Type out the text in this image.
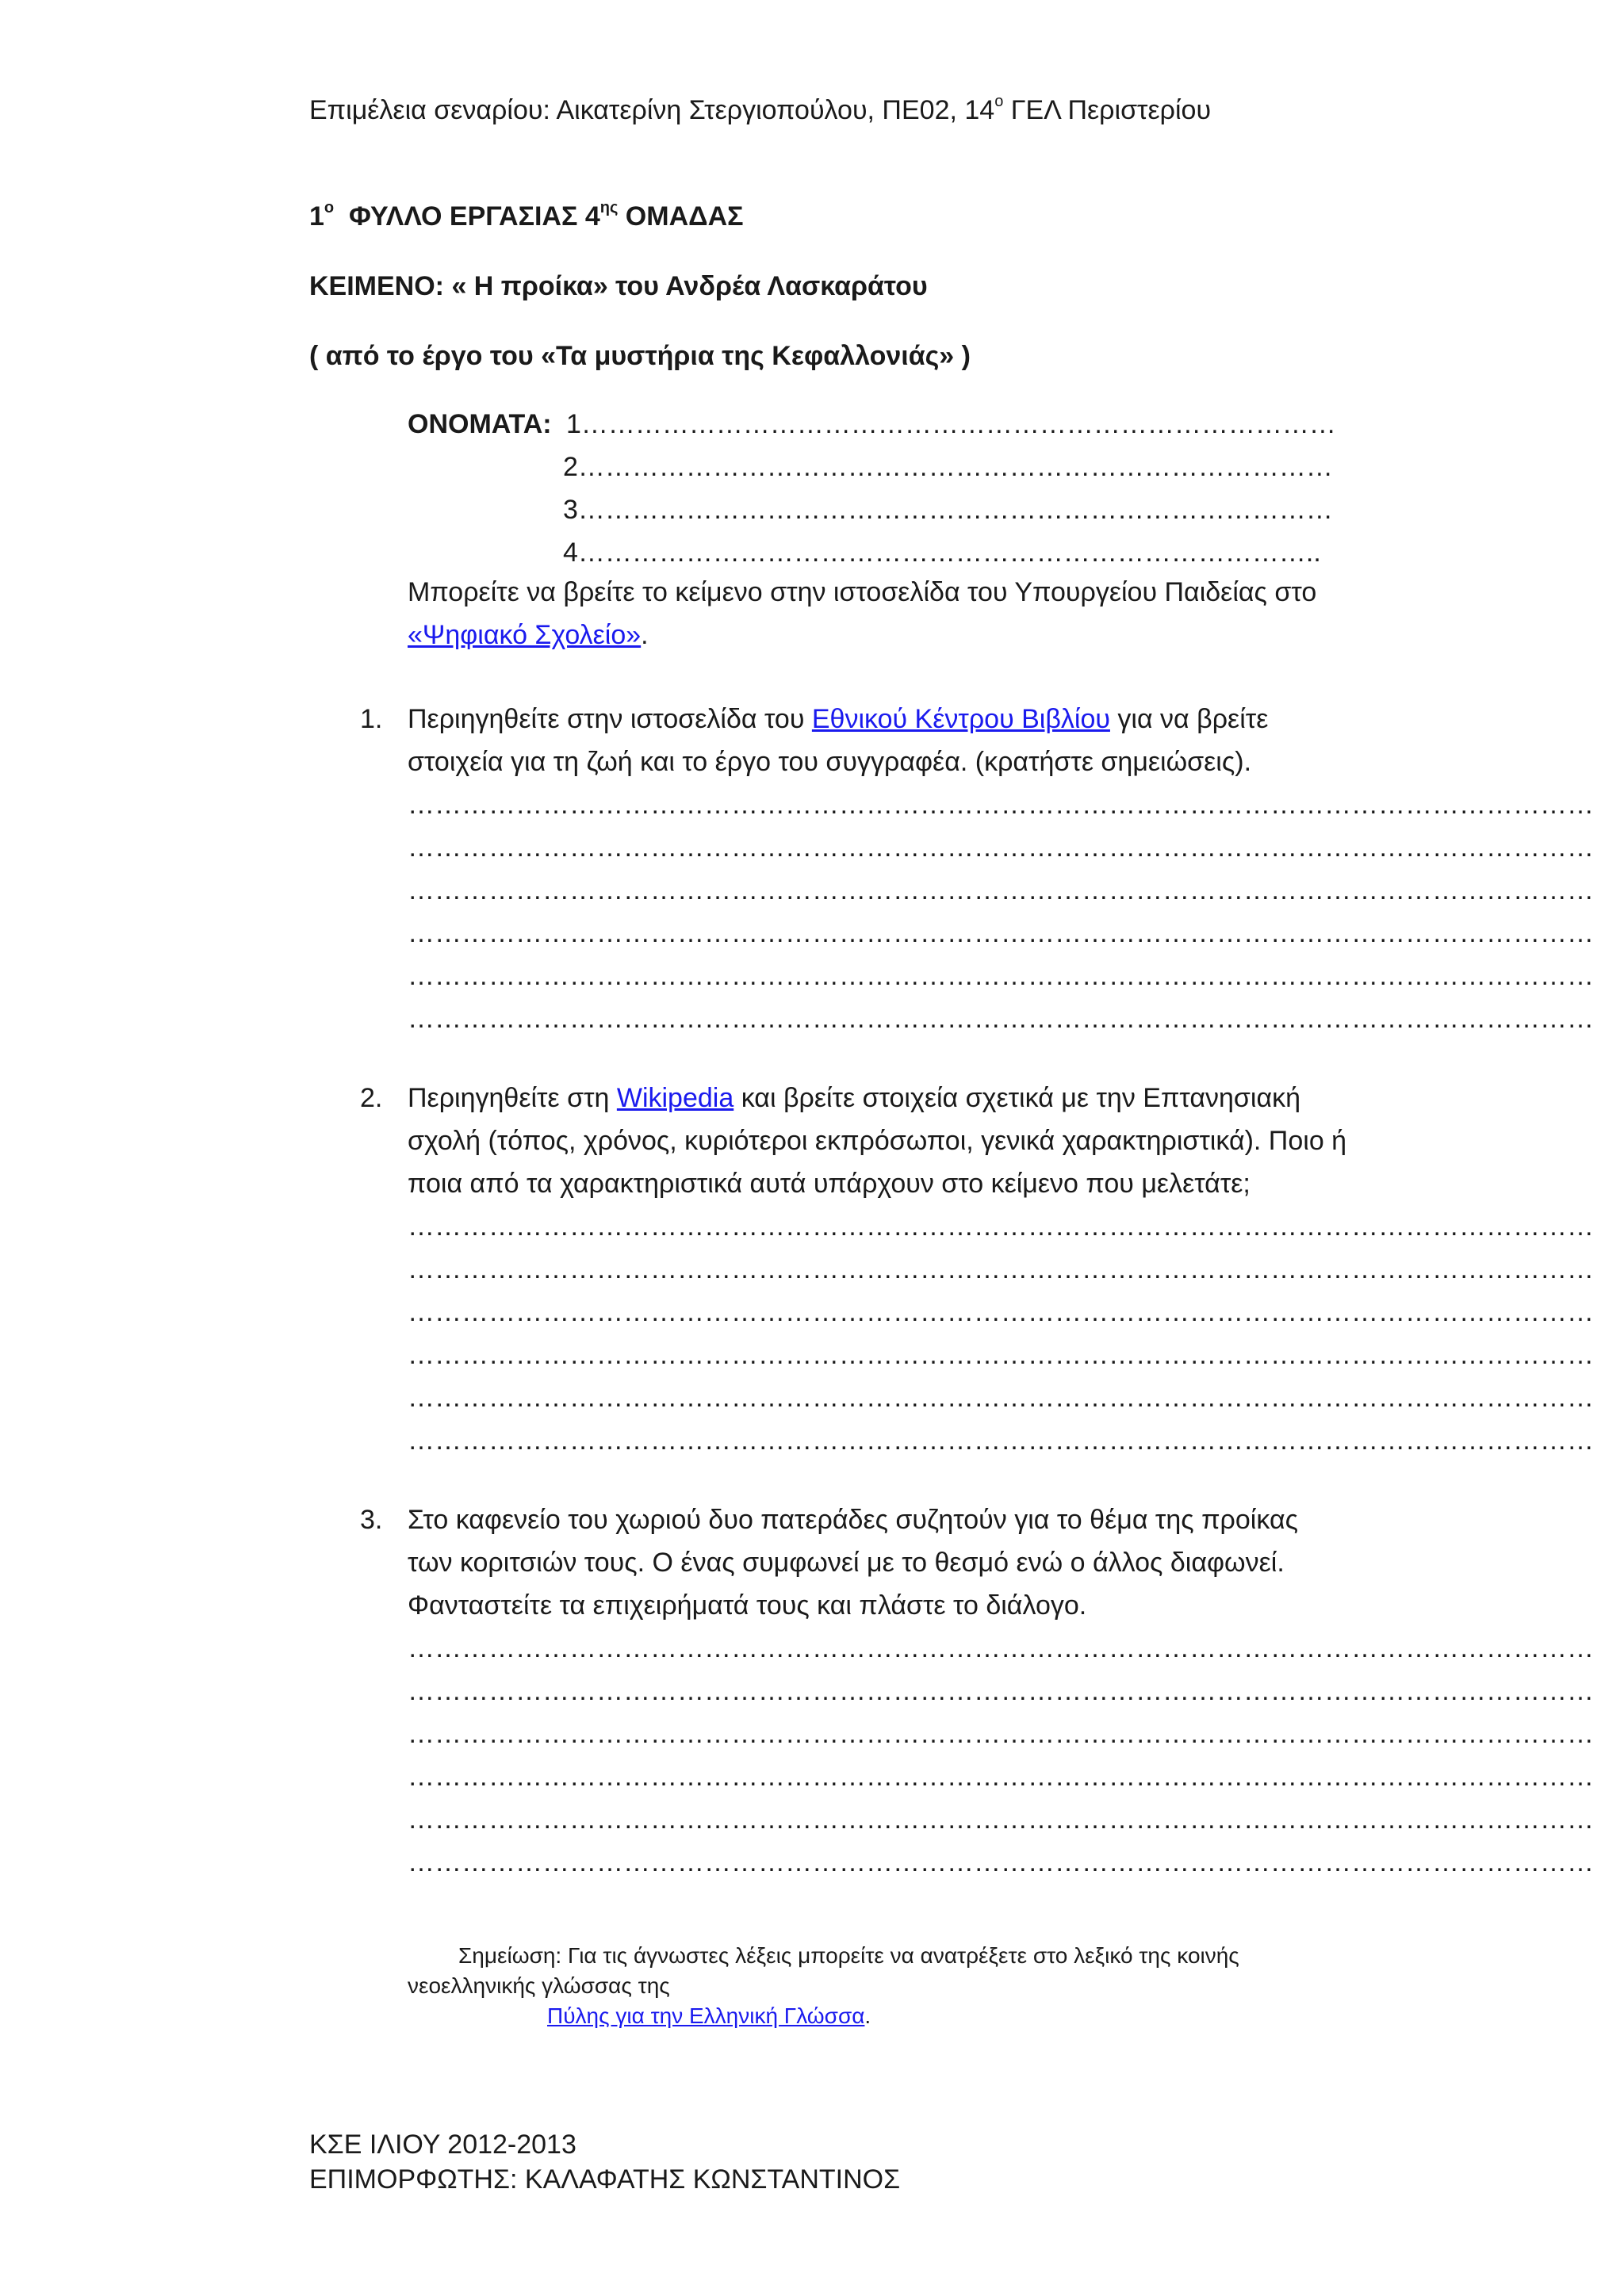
Επιμέλεια σεναρίου: Αικατερίνη Στεργιοπούλου, ΠΕ02, $14^o$ ΓΕΛ Περιστερίου
$1^o$  ΦΥΛΛΟ ΕΡΓΑΣΙΑΣ $4^{\eta\varsigma}$ ΟΜΑΔΑΣ
ΚΕΙΜΕΝΟ: « Η προίκα» του Ανδρέα Λασκαράτου
( από το έργο του «Τα μυστήρια της Κεφαλλονιάς» )
ΟΝΟΜΑΤΑ: 1…………………………………………………………………………
2…………………………………………………………………………
3…………………………………………………………………………
4………………………………………………………………………..
Μπορείτε να βρείτε το κείμενο στην ιστοσελίδα του Υπουργείου Παιδείας στο
«Ψηφιακό Σχολείο».
1. Περιηγηθείτε στην ιστοσελίδα του Εθνικού Κέντρου Βιβλίου για να βρείτε
στοιχεία για τη ζωή και το έργο του συγγραφέα. (κρατήστε σημειώσεις).
……………………………………………………………………………………………………………………
……………………………………………………………………………………………………………………
……………………………………………………………………………………………………………………
……………………………………………………………………………………………………………………
……………………………………………………………………………………………………………………
……………………………………………………………………………………………………………………
2. Περιηγηθείτε στη Wikipedia και βρείτε στοιχεία σχετικά με την Επτανησιακή
σχολή (τόπος, χρόνος, κυριότεροι εκπρόσωποι, γενικά χαρακτηριστικά). Ποιο ή
ποια από τα χαρακτηριστικά αυτά υπάρχουν στο κείμενο που μελετάτε;
……………………………………………………………………………………………………………………
……………………………………………………………………………………………………………………
……………………………………………………………………………………………………………………
……………………………………………………………………………………………………………………
……………………………………………………………………………………………………………………
……………………………………………………………………………………………………………………
3. Στο καφενείο του χωριού δυο πατεράδες συζητούν για το θέμα της προίκας
των κοριτσιών τους. Ο ένας συμφωνεί με το θεσμό ενώ ο άλλος διαφωνεί.
Φανταστείτε τα επιχειρήματά τους και πλάστε το διάλογο.
……………………………………………………………………………………………………………………
……………………………………………………………………………………………………………………
……………………………………………………………………………………………………………………
……………………………………………………………………………………………………………………
……………………………………………………………………………………………………………………
……………………………………………………………………………………………………………………
Σημείωση: Για τις άγνωστες λέξεις μπορείτε να ανατρέξετε στο λεξικό της κοινής
νεοελληνικής γλώσσας της
Πύλης για την Ελληνική Γλώσσα.
ΚΣΕ ΙΛΙΟΥ 2012-2013
ΕΠΙΜΟΡΦΩΤΗΣ: ΚΑΛΑΦΑΤΗΣ ΚΩΝΣΤΑΝΤΙΝΟΣ
